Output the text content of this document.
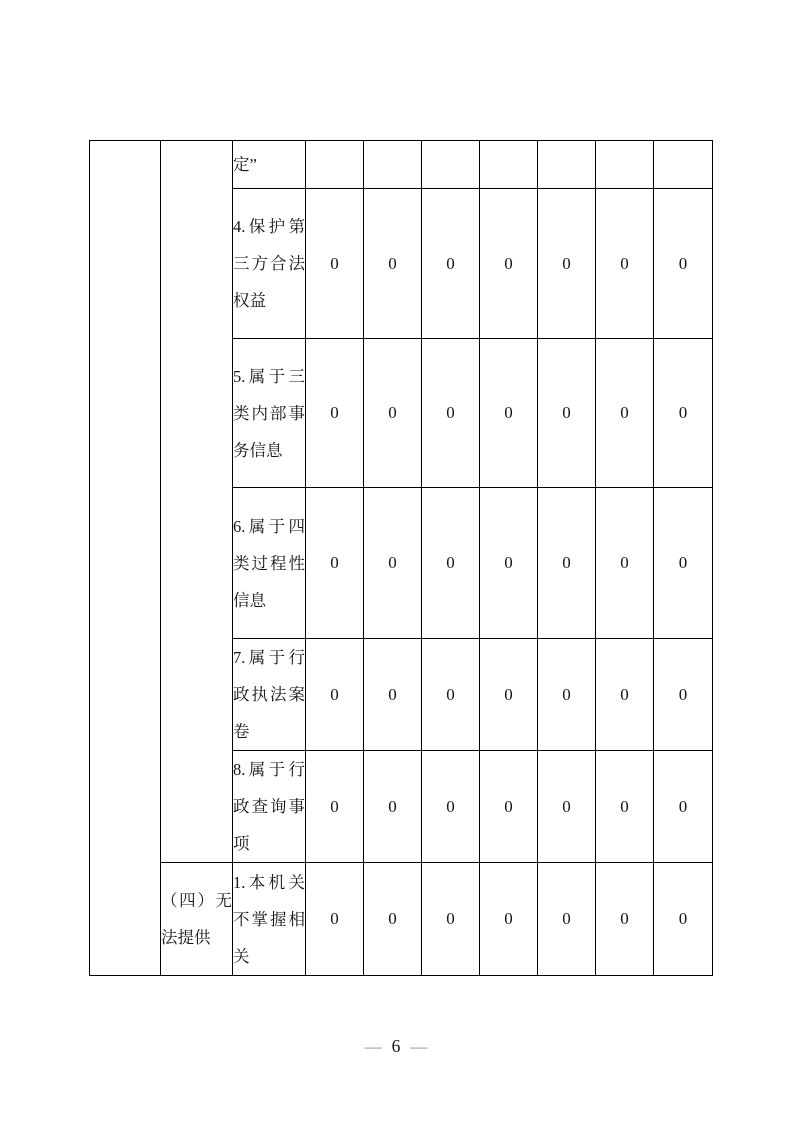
		定”							
		4.保护第三方合法权益	0	0	0	0	0	0	0
		5.属于三类内部事务信息	0	0	0	0	0	0	0
		6.属于四类过程性信息	0	0	0	0	0	0	0
		7.属于行政执法案卷	0	0	0	0	0	0	0
		8.属于行政查询事项	0	0	0	0	0	0	0
	（四）无法提供	1.本机关不掌握相关	0	0	0	0	0	0	0
— 6 —
